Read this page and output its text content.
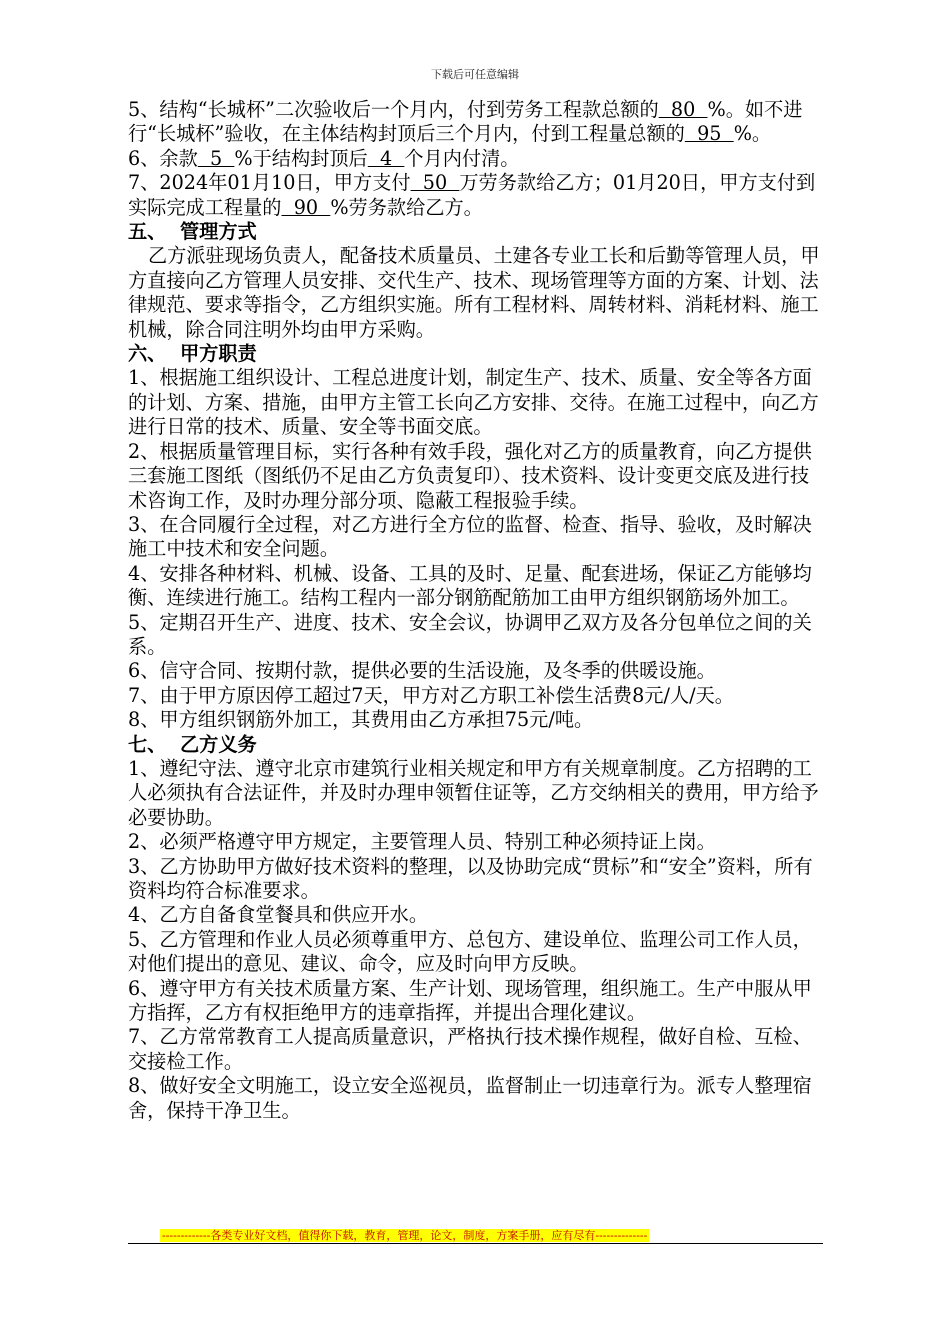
下载后可任意编辑

5、结构“长城杯”二次验收后一个月内，付到劳务工程款总额的  80  %。如不进行“长城杯”验收，在主体结构封顶后三个月内，付到工程量总额的  95  %。

6、余款  5  %于结构封顶后  4  个月内付清。

7、2024年01月10日，甲方支付  50  万劳务款给乙方；01月20日，甲方支付到实际完成工程量的  90  %劳务款给乙方。

五、 管理方式

乙方派驻现场负责人，配备技术质量员、土建各专业工长和后勤等管理人员，甲方直接向乙方管理人员安排、交代生产、技术、现场管理等方面的方案、计划、法律规范、要求等指令，乙方组织实施。所有工程材料、周转材料、消耗材料、施工机械，除合同注明外均由甲方采购。

六、 甲方职责

1、根据施工组织设计、工程总进度计划，制定生产、技术、质量、安全等各方面的计划、方案、措施，由甲方主管工长向乙方安排、交待。在施工过程中，向乙方进行日常的技术、质量、安全等书面交底。

2、根据质量管理目标，实行各种有效手段，强化对乙方的质量教育，向乙方提供三套施工图纸（图纸仍不足由乙方负责复印）、技术资料、设计变更交底及进行技术咨询工作，及时办理分部分项、隐蔽工程报验手续。

3、在合同履行全过程，对乙方进行全方位的监督、检查、指导、验收，及时解决施工中技术和安全问题。

4、安排各种材料、机械、设备、工具的及时、足量、配套进场，保证乙方能够均衡、连续进行施工。结构工程内一部分钢筋配筋加工由甲方组织钢筋场外加工。

5、定期召开生产、进度、技术、安全会议，协调甲乙双方及各分包单位之间的关系。

6、信守合同、按期付款，提供必要的生活设施，及冬季的供暖设施。

7、由于甲方原因停工超过7天，甲方对乙方职工补偿生活费8元/人/天。

8、甲方组织钢筋外加工，其费用由乙方承担75元/吨。

七、 乙方义务

1、遵纪守法、遵守北京市建筑行业相关规定和甲方有关规章制度。乙方招聘的工人必须执有合法证件，并及时办理申领暂住证等，乙方交纳相关的费用，甲方给予必要协助。

2、必须严格遵守甲方规定，主要管理人员、特别工种必须持证上岗。

3、乙方协助甲方做好技术资料的整理，以及协助完成“贯标”和“安全”资料，所有资料均符合标准要求。

4、乙方自备食堂餐具和供应开水。

5、乙方管理和作业人员必须尊重甲方、总包方、建设单位、监理公司工作人员，对他们提出的意见、建议、命令，应及时向甲方反映。

6、遵守甲方有关技术质量方案、生产计划、现场管理，组织施工。生产中服从甲方指挥，乙方有权拒绝甲方的违章指挥，并提出合理化建议。

7、乙方常常教育工人提高质量意识，严格执行技术操作规程，做好自检、互检、交接检工作。

8、做好安全文明施工，设立安全巡视员，监督制止一切违章行为。派专人整理宿舍，保持干净卫生。

-------------各类专业好文档，值得你下载，教育，管理，论文，制度，方案手册，应有尽有--------------
